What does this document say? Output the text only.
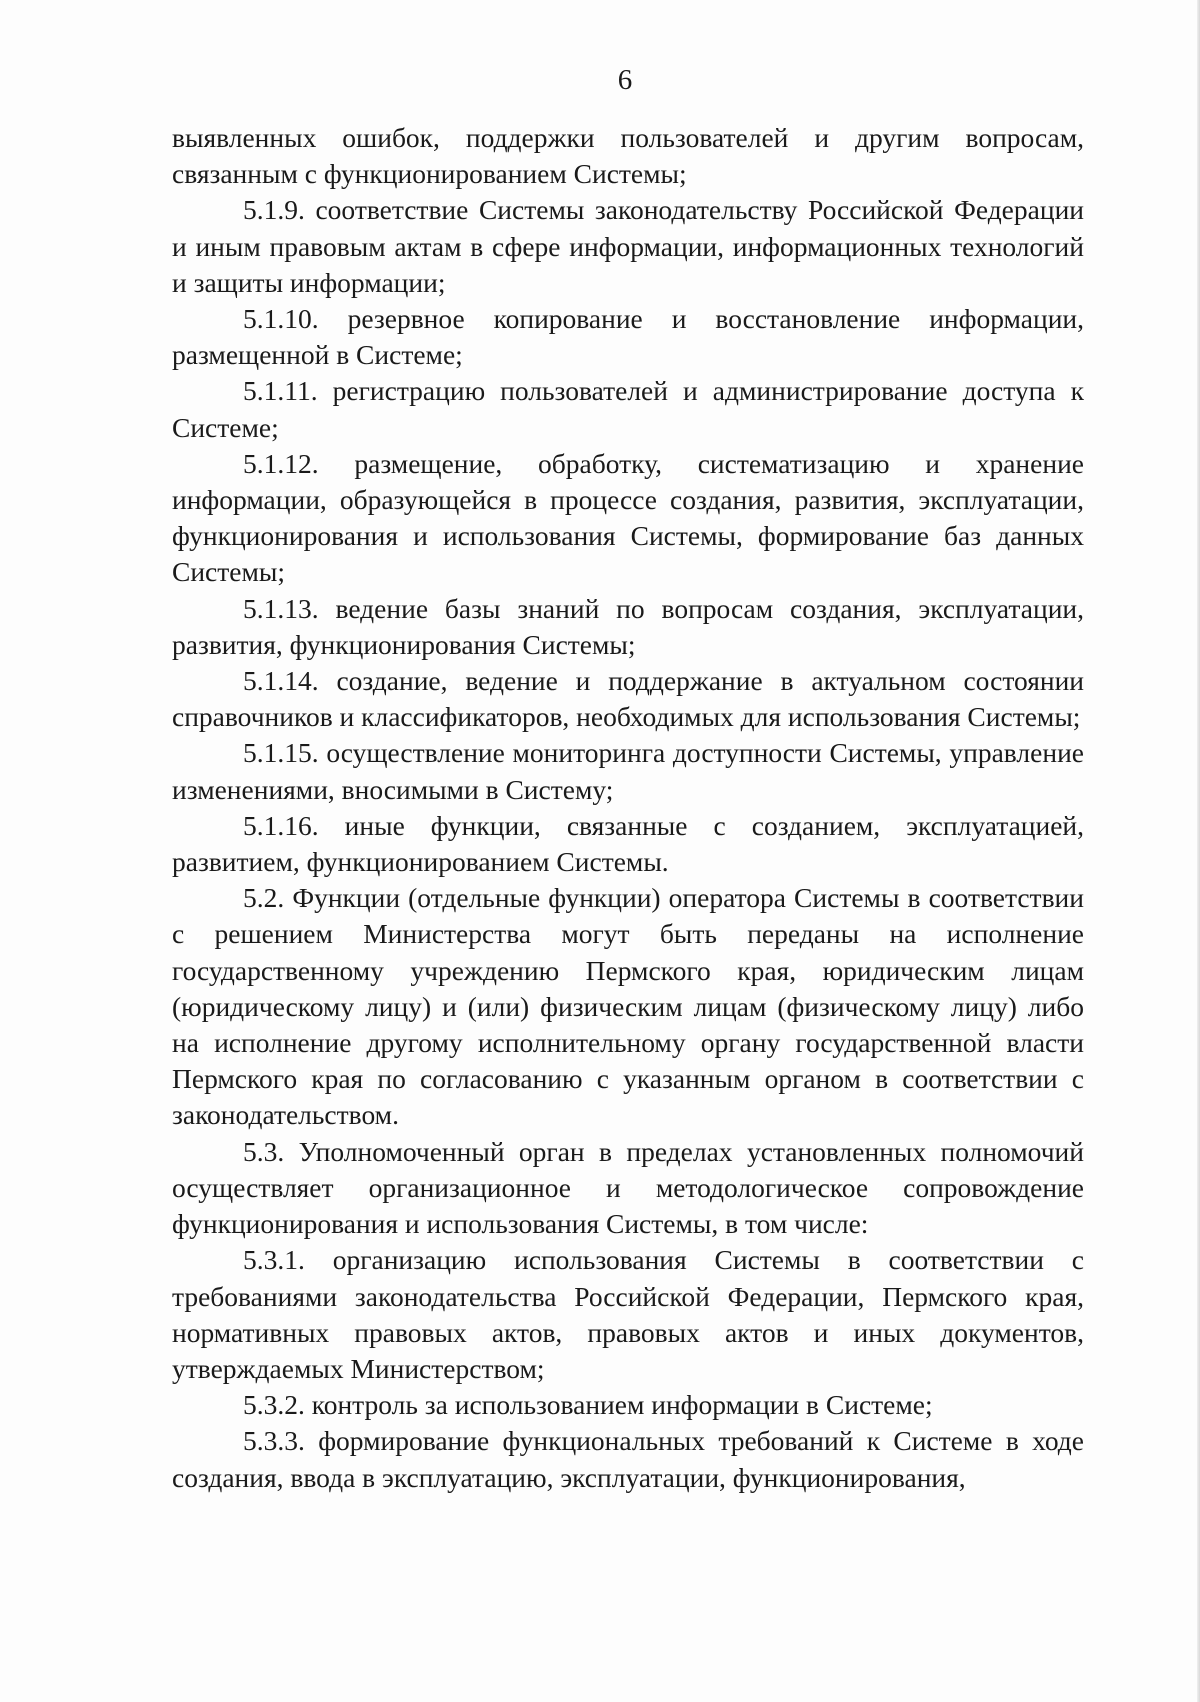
6

выявленных ошибок, поддержки пользователей и другим вопросам, связанным с функционированием Системы;

5.1.9. соответствие Системы законодательству Российской Федерации и иным правовым актам в сфере информации, информационных технологий и защиты информации;

5.1.10. резервное копирование и восстановление информации, размещенной в Системе;

5.1.11. регистрацию пользователей и администрирование доступа к Системе;

5.1.12. размещение, обработку, систематизацию и хранение информации, образующейся в процессе создания, развития, эксплуатации, функционирования и использования Системы, формирование баз данных Системы;

5.1.13. ведение базы знаний по вопросам создания, эксплуатации, развития, функционирования Системы;

5.1.14. создание, ведение и поддержание в актуальном состоянии справочников и классификаторов, необходимых для использования Системы;

5.1.15. осуществление мониторинга доступности Системы, управление изменениями, вносимыми в Систему;

5.1.16. иные функции, связанные с созданием, эксплуатацией, развитием, функционированием Системы.

5.2. Функции (отдельные функции) оператора Системы в соответствии с решением Министерства могут быть переданы на исполнение государственному учреждению Пермского края, юридическим лицам (юридическому лицу) и (или) физическим лицам (физическому лицу) либо на исполнение другому исполнительному органу государственной власти Пермского края по согласованию с указанным органом в соответствии с законодательством.

5.3. Уполномоченный орган в пределах установленных полномочий осуществляет организационное и методологическое сопровождение функционирования и использования Системы, в том числе:

5.3.1. организацию использования Системы в соответствии с требованиями законодательства Российской Федерации, Пермского края, нормативных правовых актов, правовых актов и иных документов, утверждаемых Министерством;

5.3.2. контроль за использованием информации в Системе;

5.3.3. формирование функциональных требований к Системе в ходе создания, ввода в эксплуатацию, эксплуатации, функционирования,
